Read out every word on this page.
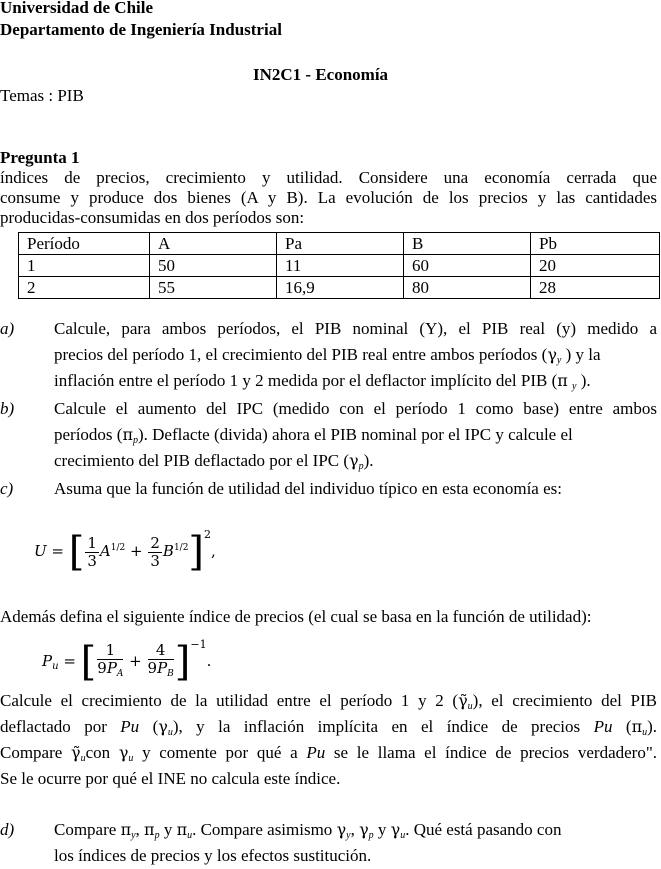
Universidad de Chile
Departamento de Ingeniería Industrial
IN2C1 - Economía
Temas : PIB
Pregunta 1
índices de precios, crecimiento y utilidad. Considere una economía cerrada que
consume y produce dos bienes (A y B). La evolución de los precios y las cantidades
producidas-consumidas en dos períodos son:
Período	A	Pa	B	Pb
1	50	11	60	20
2	55	16,9	80	28
a) Calcule, para ambos períodos, el PIB nominal (Y), el PIB real (y) medido a
precios del período 1, el crecimiento del PIB real entre ambos períodos ($\gamma_y$ ) y la
inflación entre el período 1 y 2 medida por el deflactor implícito del PIB (π $_y$ ).
b) Calcule el aumento del IPC (medido con el período 1 como base) entre ambos
períodos $(\pi_p)$. Deflacte (divida) ahora el PIB nominal por el IPC y calcule el
crecimiento del PIB deflactado por el IPC $(\gamma_p)$.
c) Asuma que la función de utilidad del individuo típico en esta economía es:
U = [ $\frac{1}{3} A^{1/2} + \frac{2}{3} B^{1/2}]^2$,
Además defina el siguiente índice de precios (el cual se basa en la función de utilidad):
$P_u$ = [ $\frac{1}{9P_A} + \frac{4}{9P_B} ]^{-1}$.
Calcule el crecimiento de la utilidad entre el período 1 y 2 $(\gammã_u)$, el crecimiento del PIB
deflactado por Pu $(\gamma_u)$, y la inflación implícita en el índice de precios Pu $(\pi_u)$.
Compare $\gammã_ucon$ $\gamma_u$ y comente por qué a Pu se le llama el índice de precios verdadero".
Se le ocurre por qué el INE no calcula este índice.
d) Compare $\pi_y$, $\pi_p$ y $\pi_u$. Compare asimismo $\gamma_y$, $\gamma_p$ y $\gamma_u$. Qué está pasando con
los índices de precios y los efectos sustitución.
